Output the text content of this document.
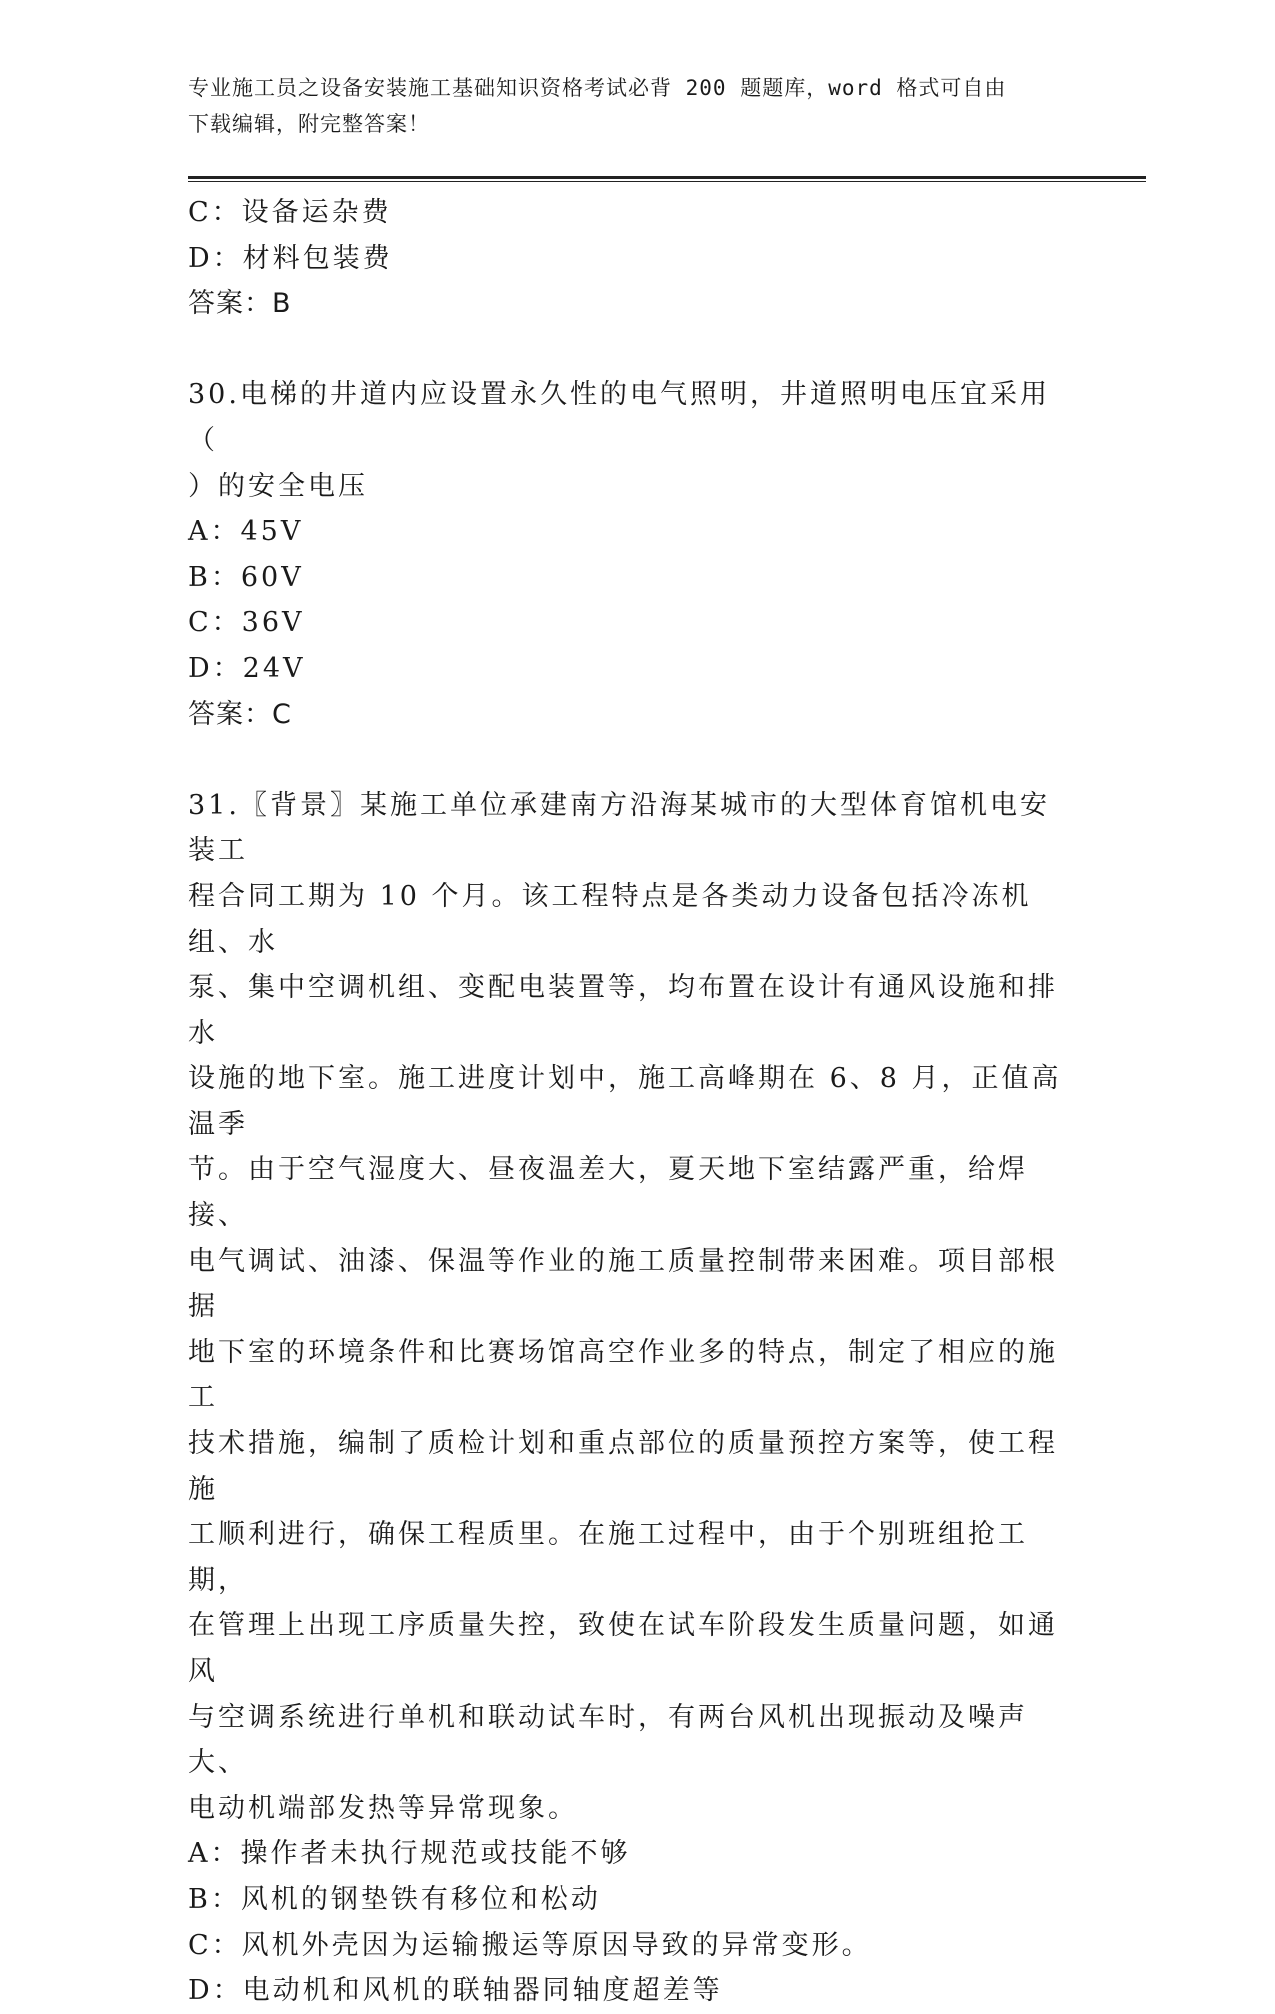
专业施工员之设备安装施工基础知识资格考试必背 200 题题库，word 格式可自由
下载编辑，附完整答案！

C：设备运杂费

D：材料包装费

答案：B

30.电梯的井道内应设置永久性的电气照明，井道照明电压宜采用（

）的安全电压

A：45V

B：60V

C：36V

D：24V

答案：C

31.〖背景〗某施工单位承建南方沿海某城市的大型体育馆机电安装工

程合同工期为 10 个月。该工程特点是各类动力设备包括冷冻机组、水

泵、集中空调机组、变配电装置等，均布置在设计有通风设施和排水

设施的地下室。施工进度计划中，施工高峰期在 6、8 月，正值高温季

节。由于空气湿度大、昼夜温差大，夏天地下室结露严重，给焊接、

电气调试、油漆、保温等作业的施工质量控制带来困难。项目部根据

地下室的环境条件和比赛场馆高空作业多的特点，制定了相应的施工

技术措施，编制了质检计划和重点部位的质量预控方案等，使工程施

工顺利进行，确保工程质里。在施工过程中，由于个别班组抢工期，

在管理上出现工序质量失控，致使在试车阶段发生质量问题，如通风

与空调系统进行单机和联动试车时，有两台风机出现振动及噪声大、

电动机端部发热等异常现象。

A：操作者未执行规范或技能不够

B：风机的钢垫铁有移位和松动

C：风机外壳因为运输搬运等原因导致的异常变形。

D：电动机和风机的联轴器同轴度超差等
